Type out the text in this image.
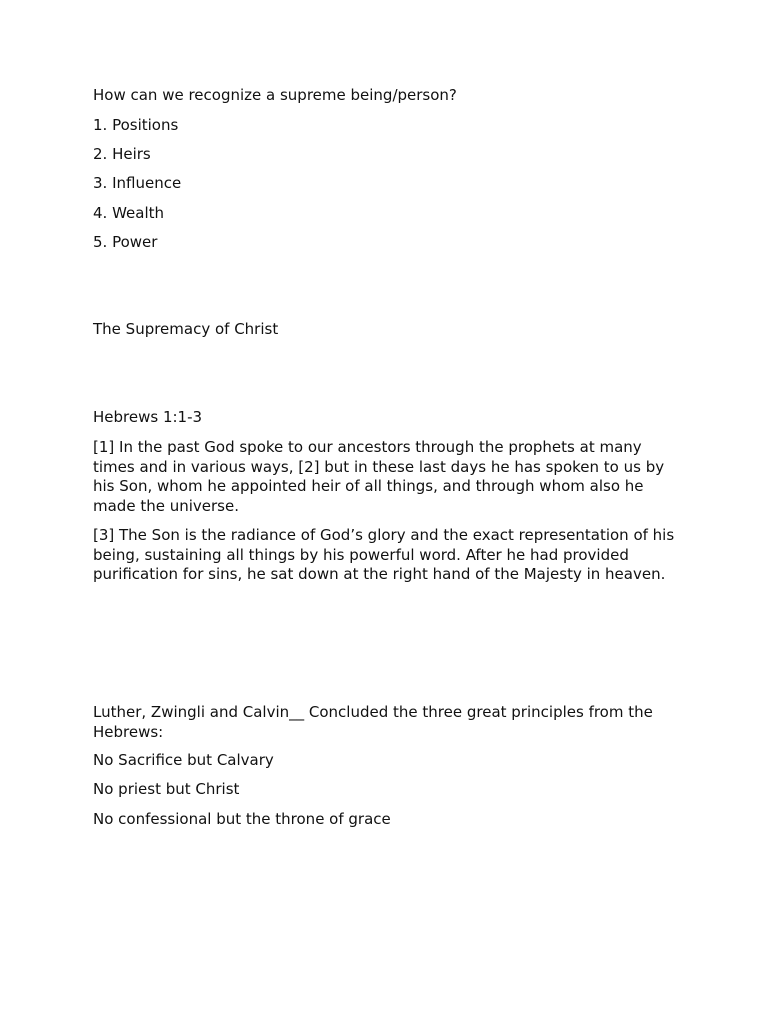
How can we recognize a supreme being/person?

1. Positions

2. Heirs

3. Influence

4. Wealth

5. Power

The Supremacy of Christ

Hebrews 1:1-3

[1] In the past God spoke to our ancestors through the prophets at many times and in various ways, [2] but in these last days he has spoken to us by his Son, whom he appointed heir of all things, and through whom also he made the universe.

[3] The Son is the radiance of God’s glory and the exact representation of his being, sustaining all things by his powerful word. After he had provided purification for sins, he sat down at the right hand of the Majesty in heaven.

Luther, Zwingli and Calvin__ Concluded the three great principles from the Hebrews:

No Sacrifice but Calvary

No priest but Christ

No confessional but the throne of grace
